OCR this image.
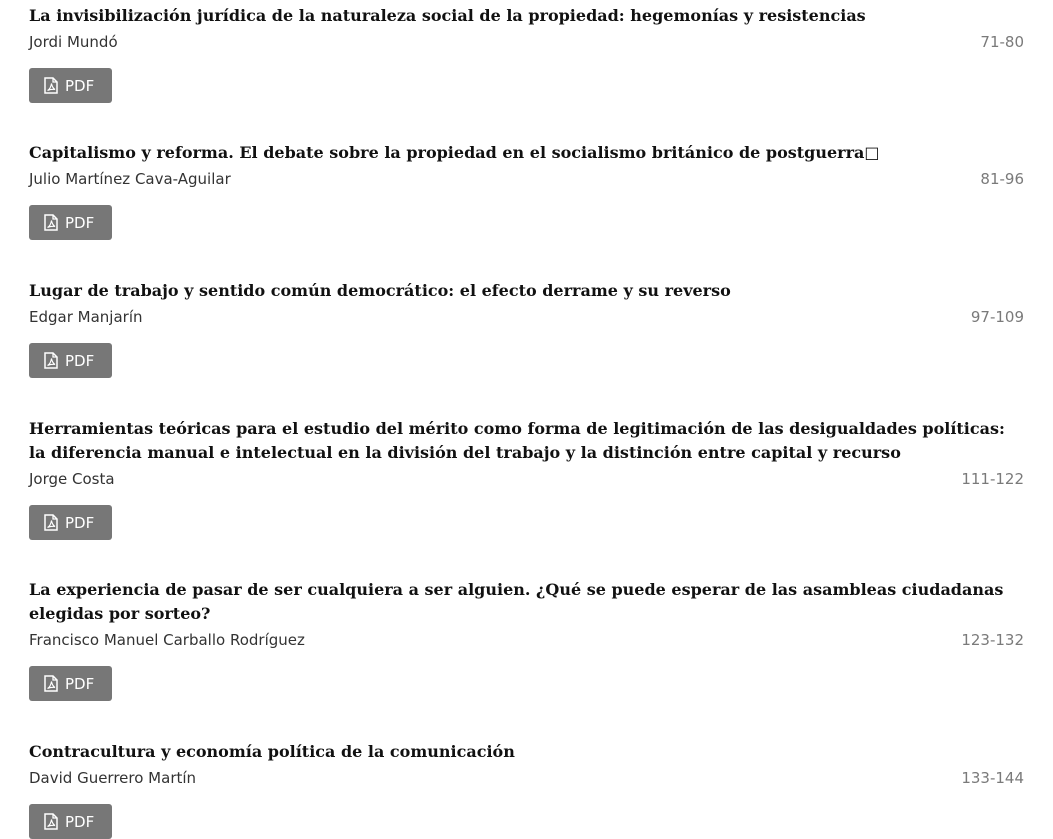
La invisibilización jurídica de la naturaleza social de la propiedad: hegemonías y resistencias
Jordi Mundó	71-80
PDF
Capitalismo y reforma. El debate sobre la propiedad en el socialismo británico de postguerra□
Julio Martínez Cava-Aguilar	81-96
PDF
Lugar de trabajo y sentido común democrático: el efecto derrame y su reverso
Edgar Manjarín	97-109
PDF
Herramientas teóricas para el estudio del mérito como forma de legitimación de las desigualdades políticas: la diferencia manual e intelectual en la división del trabajo y la distinción entre capital y recurso
Jorge Costa	111-122
PDF
La experiencia de pasar de ser cualquiera a ser alguien. ¿Qué se puede esperar de las asambleas ciudadanas elegidas por sorteo?
Francisco Manuel Carballo Rodríguez	123-132
PDF
Contracultura y economía política de la comunicación
David Guerrero Martín	133-144
PDF
